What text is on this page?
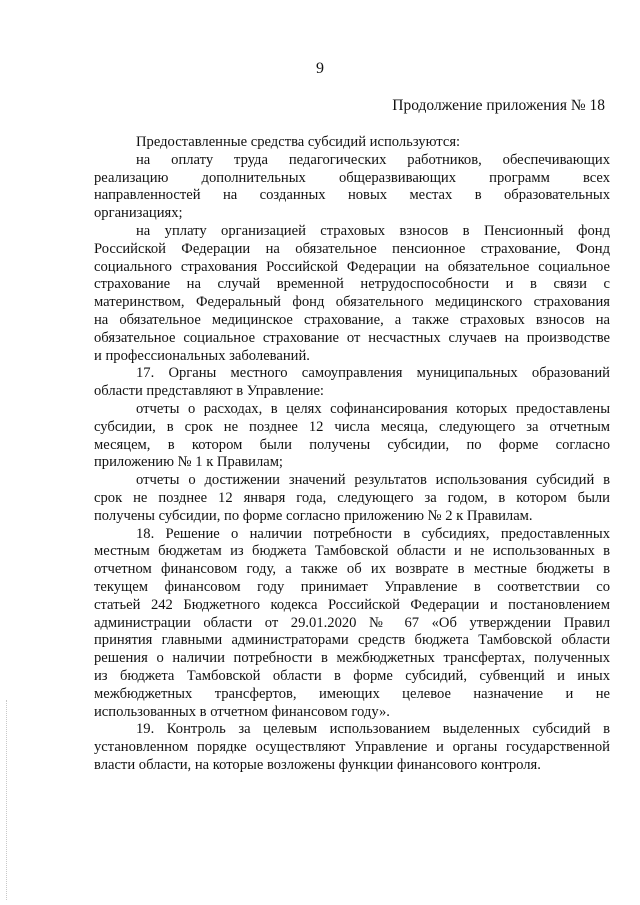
9
Продолжение приложения № 18

Предоставленные средства субсидий используются:

на оплату труда педагогических работников, обеспечивающих

реализацию дополнительных общеразвивающих программ всех

направленностей на созданных новых местах в образовательных

организациях;

на уплату организацией страховых взносов в Пенсионный фонд

Российской Федерации на обязательное пенсионное страхование, Фонд

социального страхования Российской Федерации на обязательное социальное

страхование на случай временной нетрудоспособности и в связи с

материнством, Федеральный фонд обязательного медицинского страхования

на обязательное медицинское страхование, а также страховых взносов на

обязательное социальное страхование от несчастных случаев на производстве

и профессиональных заболеваний.

17. Органы местного самоуправления муниципальных образований

области представляют в Управление:

отчеты о расходах, в целях софинансирования которых предоставлены

субсидии, в срок не позднее 12 числа месяца, следующего за отчетным

месяцем, в котором были получены субсидии, по форме согласно

приложению № 1 к Правилам;

отчеты о достижении значений результатов использования субсидий в

срок не позднее 12 января года, следующего за годом, в котором были

получены субсидии, по форме согласно приложению № 2 к Правилам.

18. Решение о наличии потребности в субсидиях, предоставленных

местным бюджетам из бюджета Тамбовской области и не использованных в

отчетном финансовом году, а также об их возврате в местные бюджеты в

текущем финансовом году принимает Управление в соответствии со

статьей 242 Бюджетного кодекса Российской Федерации и постановлением

администрации области от 29.01.2020 № 67 «Об утверждении Правил

принятия главными администраторами средств бюджета Тамбовской области

решения о наличии потребности в межбюджетных трансфертах, полученных

из бюджета Тамбовской области в форме субсидий, субвенций и иных

межбюджетных трансфертов, имеющих целевое назначение и не

использованных в отчетном финансовом году».

19. Контроль за целевым использованием выделенных субсидий в

установленном порядке осуществляют Управление и органы государственной

власти области, на которые возложены функции финансового контроля.
